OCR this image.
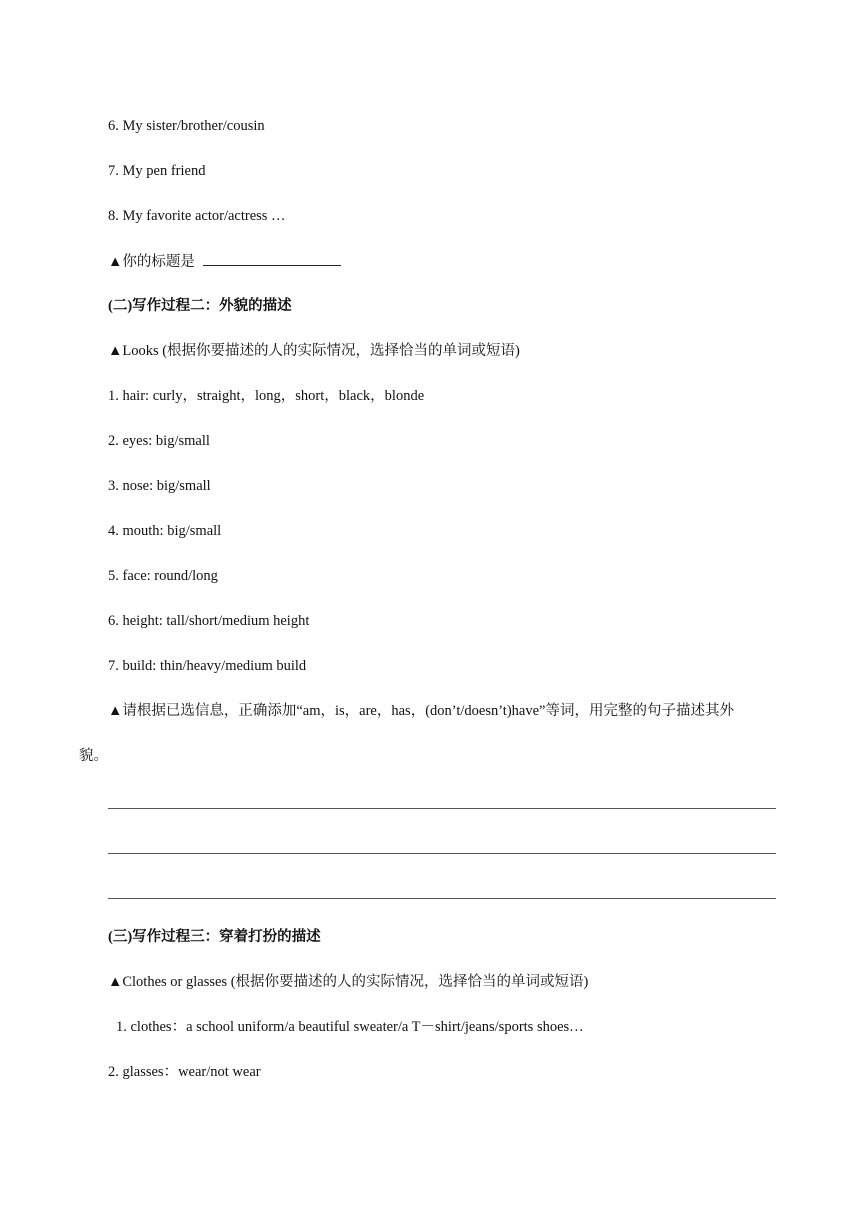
6. My sister/brother/cousin
7. My pen friend
8. My favorite actor/actress …
▲你的标题是
(二)写作过程二：外貌的描述
▲Looks (根据你要描述的人的实际情况，选择恰当的单词或短语)
1. hair: curly，straight，long，short，black，blonde
2. eyes: big/small
3. nose: big/small
4. mouth: big/small
5. face: round/long
6. height: tall/short/medium height
7. build: thin/heavy/medium build
▲请根据已选信息，正确添加“am，is，are，has，(don’t/doesn’t)have”等词，用完整的句子描述其外
貌。
(三)写作过程三：穿着打扮的描述
▲Clothes or glasses (根据你要描述的人的实际情况，选择恰当的单词或短语)
1. clothes：a school uniform/a beautiful sweater/a T－shirt/jeans/sports shoes…
2. glasses：wear/not wear
